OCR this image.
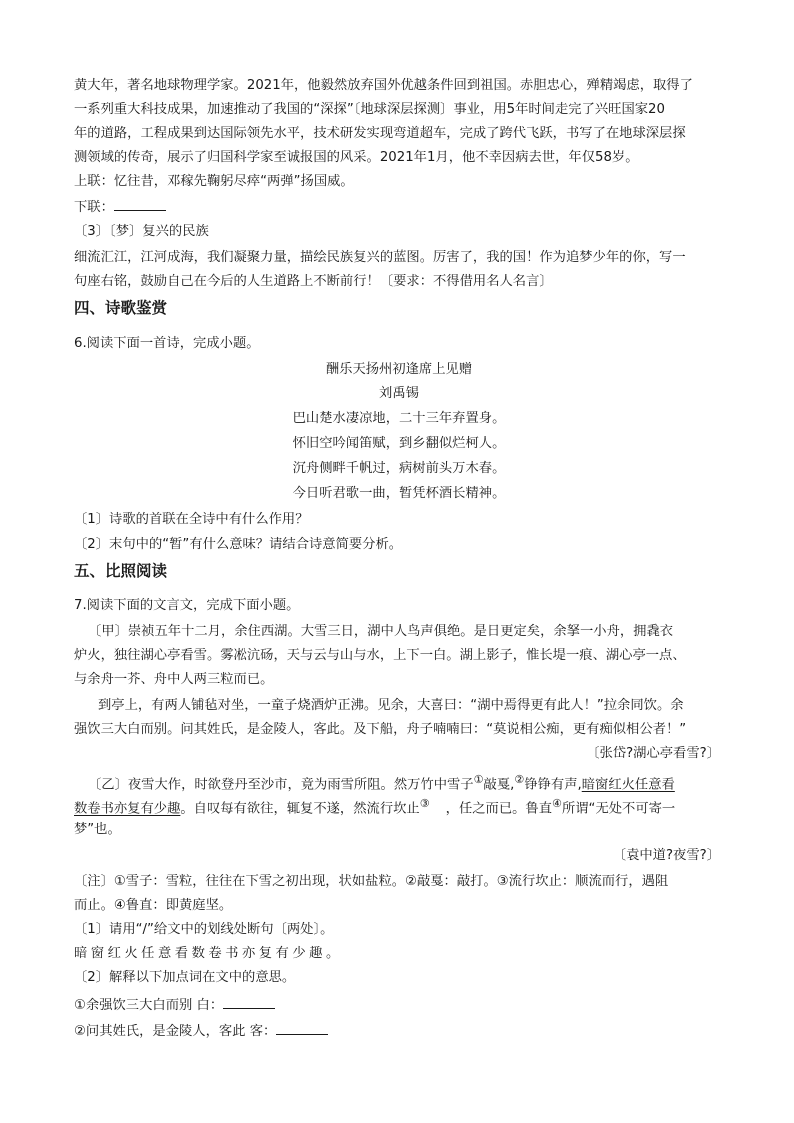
黄大年，著名地球物理学家。2021年，他毅然放弃国外优越条件回到祖国。赤胆忠心，殚精竭虑，取得了
一系列重大科技成果，加速推动了我国的“深探”〔地球深层探测〕事业，用5年时间走完了兴旺国家20
年的道路，工程成果到达国际领先水平，技术研发实现弯道超车，完成了跨代飞跃，书写了在地球深层探
测领域的传奇，展示了归国科学家至诚报国的风采。2021年1月，他不幸因病去世，年仅58岁。
上联：忆往昔，邓稼先鞠躬尽瘁“两弹”扬国威。
下联：
〔3〕〔梦〕复兴的民族
细流汇江，江河成海，我们凝聚力量，描绘民族复兴的蓝图。厉害了，我的国！作为追梦少年的你，写一
句座右铭，鼓励自己在今后的人生道路上不断前行！〔要求：不得借用名人名言〕
四、诗歌鉴赏
6.阅读下面一首诗，完成小题。
酬乐天扬州初逢席上见赠
刘禹锡
巴山楚水凄凉地，二十三年弃置身。
怀旧空吟闻笛赋，到乡翻似烂柯人。
沉舟侧畔千帆过，病树前头万木春。
今日听君歌一曲，暂凭杯酒长精神。
〔1〕诗歌的首联在全诗中有什么作用？
〔2〕末句中的“暂”有什么意味？请结合诗意简要分析。
五、比照阅读
7.阅读下面的文言文，完成下面小题。
〔甲〕崇祯五年十二月，余住西湖。大雪三日，湖中人鸟声俱绝。是日更定矣，余拏一小舟，拥毳衣
炉火，独往湖心亭看雪。雾凇沆砀，天与云与山与水，上下一白。湖上影子，惟长堤一痕、湖心亭一点、
与余舟一芥、舟中人两三粒而已。
到亭上，有两人铺毡对坐，一童子烧酒炉正沸。见余，大喜曰：“湖中焉得更有此人！”拉余同饮。余
强饮三大白而别。问其姓氏，是金陵人，客此。及下船，舟子喃喃曰：“莫说相公痴，更有痴似相公者！”
〔张岱?湖心亭看雪?〕
〔乙〕夜雪大作，时欲登丹至沙市，竟为雨雪所阻。然万竹中雪子①敲戛,②铮铮有声,暗窗红火任意看
数卷书亦复有少趣。自叹每有欲往，辄复不遂，然流行坎止③ ，任之而已。鲁直④所谓“无处不可寄一
梦”也。
〔袁中道?夜雪?〕
〔注〕①雪子：雪粒，往往在下雪之初出现，状如盐粒。②敲戛：敲打。③流行坎止：顺流而行，遇阻
而止。④鲁直：即黄庭坚。
〔1〕请用“/”给文中的划线处断句〔两处〕。
暗窗红火任意看数卷书亦复有少趣。
〔2〕解释以下加点词在文中的意思。
①余强饮三大白而别 白：
②问其姓氏，是金陵人，客此 客：
